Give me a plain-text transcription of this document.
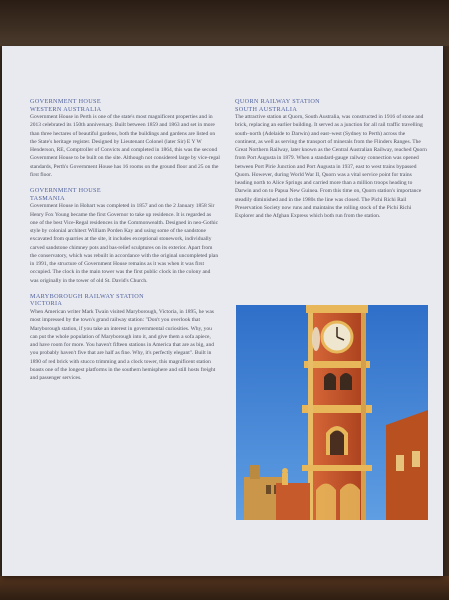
GOVERNMENT HOUSE
WESTERN AUSTRALIA

Government House in Perth is one of the state's most magnificent properties and in 2013 celebrated its 150th anniversary. Built between 1859 and 1863 and set in more than three hectares of beautiful gardens, both the buildings and gardens are listed on the State's heritage register. Designed by Lieutenant Colonel (later Sir) E Y W Henderson, RE, Comptroller of Convicts and completed in 1864, this was the second Government House to be built on the site. Although not considered large by vice-regal standards, Perth's Government House has 16 rooms on the ground floor and 25 on the first floor.

GOVERNMENT HOUSE
TASMANIA

Government House in Hobart was completed in 1857 and on the 2 January 1858 Sir Henry Fox Young became the first Governor to take up residence. It is regarded as one of the best Vice-Regal residences in the Commonwealth. Designed in neo-Gothic style by colonial architect William Porden Kay and using some of the sandstone excavated from quarries at the site, it includes exceptional stonework, individually carved sandstone chimney pots and bas-relief sculptures on its exterior. Apart from the conservatory, which was rebuilt in accordance with the original uncompleted plan in 1991, the structure of Government House remains as it was when it was first occupied. The clock in the main tower was the first public clock in the colony and was originally in the tower of old St. David's Church.

MARYBOROUGH RAILWAY STATION
VICTORIA

When American writer Mark Twain visited Maryborough, Victoria, in 1895, he was most impressed by the town's grand railway station: "Don't you overlook that Maryborough station, if you take an interest in governmental curiosities. Why, you can put the whole population of Maryborough into it, and give them a sofa apiece, and have room for more. You haven't fifteen stations in America that are as big, and you probably haven't five that are half as fine. Why, it's perfectly elegant". Built in 1890 of red brick with stucco trimming and a clock tower, this magnificent station boasts one of the longest platforms in the southern hemisphere and still hosts freight and passenger services.

QUORN RAILWAY STATION
SOUTH AUSTRALIA

The attractive station at Quorn, South Australia, was constructed in 1916 of stone and brick, replacing an earlier building. It served as a junction for all rail traffic travelling south–north (Adelaide to Darwin) and east–west (Sydney to Perth) across the continent, as well as serving the transport of minerals from the Flinders Ranges. The Great Northern Railway, later known as the Central Australian Railway, reached Quorn from Port Augusta in 1879. When a standard-gauge railway connection was opened between Port Pirie Junction and Port Augusta in 1937, east to west trains bypassed Quorn. However, during World War II, Quorn was a vital service point for trains heading north to Alice Springs and carried more than a million troops heading to Darwin and on to Papua New Guinea. From this time on, Quorn station's importance steadily diminished and in the 1980s the line was closed. The Pichi Richi Rail Preservation Society now runs and maintains the rolling stock of the Pichi Richi Explorer and the Afghan Express which both run from the station.
